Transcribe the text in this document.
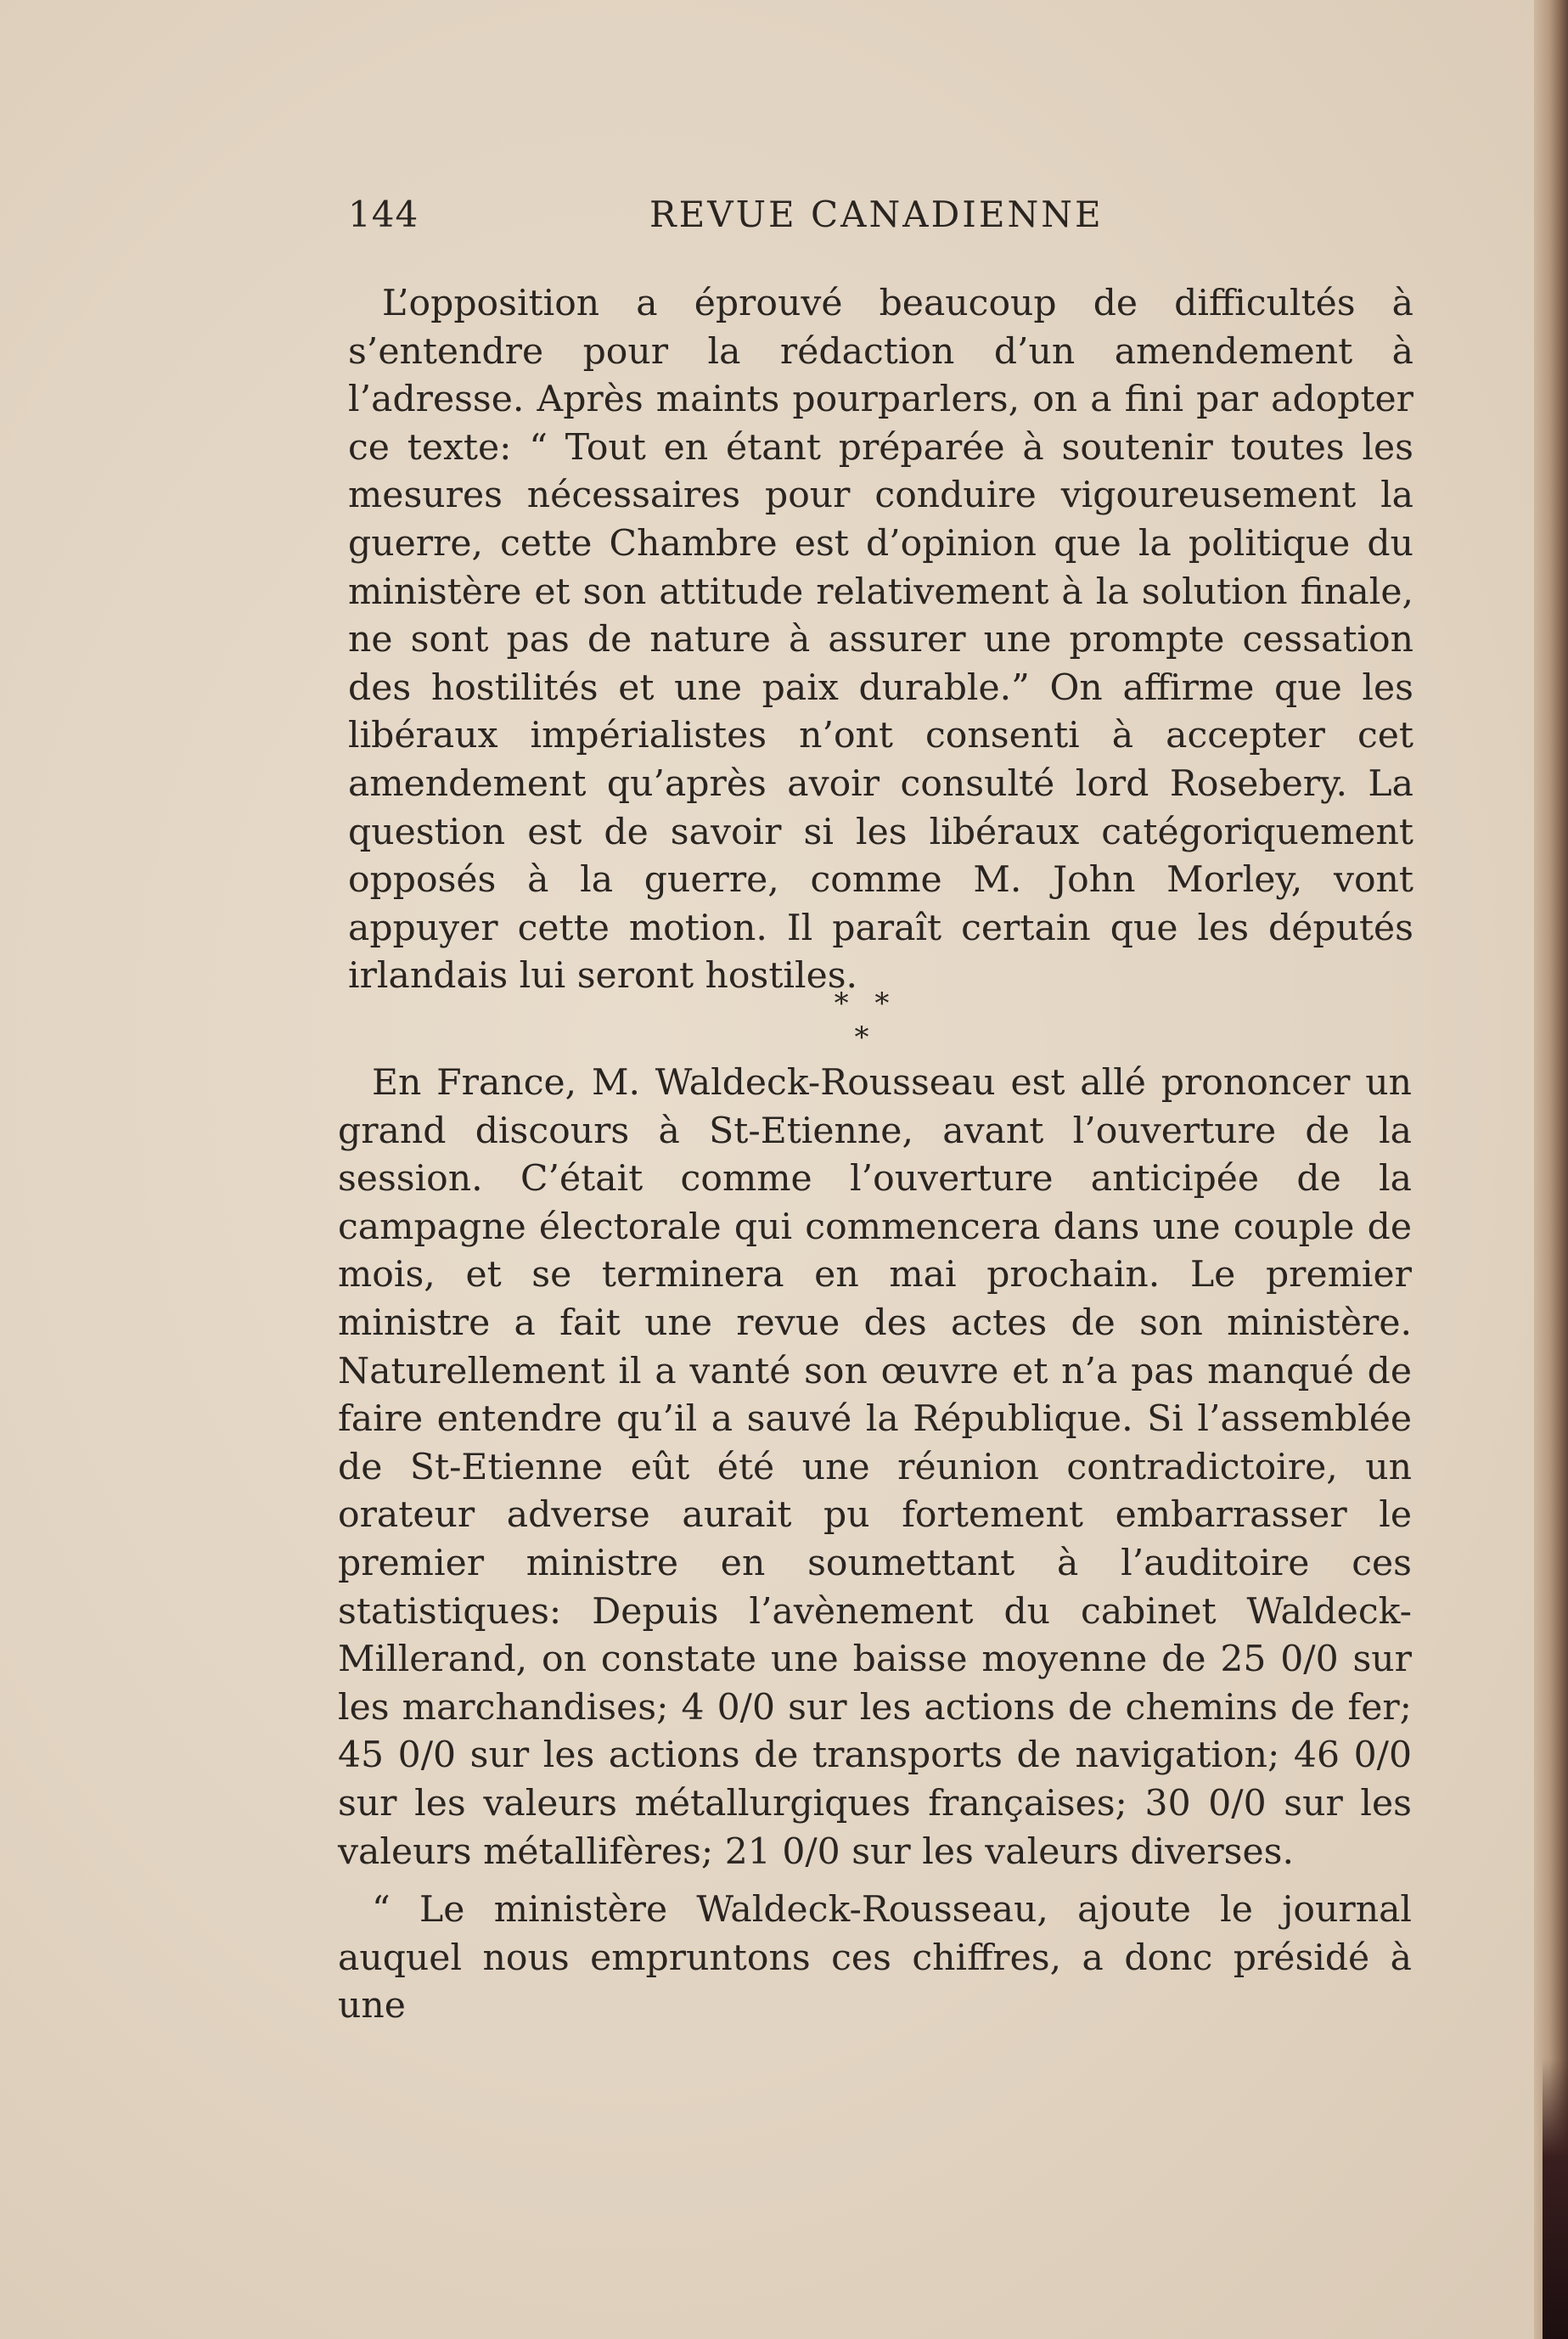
144	REVUE CANADIENNE

L’opposition a éprouvé beaucoup de difficultés à s’entendre pour la rédaction d’un amendement à l’adresse. Après maints pourparlers, on a fini par adopter ce texte: “ Tout en étant préparée à soutenir toutes les mesures nécessaires pour conduire vigoureusement la guerre, cette Chambre est d’opinion que la politique du ministère et son attitude relativement à la solution finale, ne sont pas de nature à assurer une prompte cessation des hostilités et une paix durable.” On affirme que les libéraux impérialistes n’ont consenti à accepter cet amendement qu’après avoir consulté lord Rosebery. La question est de savoir si les libéraux catégoriquement opposés à la guerre, comme M. John Morley, vont appuyer cette motion. Il paraît certain que les députés irlandais lui seront hostiles.

* * *

En France, M. Waldeck-Rousseau est allé prononcer un grand discours à St-Etienne, avant l’ouverture de la session. C’était comme l’ouverture anticipée de la campagne électorale qui commencera dans une couple de mois, et se terminera en mai prochain. Le premier ministre a fait une revue des actes de son ministère. Naturellement il a vanté son œuvre et n’a pas manqué de faire entendre qu’il a sauvé la République. Si l’assemblée de St-Etienne eût été une réunion contradictoire, un orateur adverse aurait pu fortement embarrasser le premier ministre en soumettant à l’auditoire ces statistiques: Depuis l’avènement du cabinet Waldeck-Millerand, on constate une baisse moyenne de 25 0/0 sur les marchandises; 4 0/0 sur les actions de chemins de fer; 45 0/0 sur les actions de transports de navigation; 46 0/0 sur les valeurs métallurgiques françaises; 30 0/0 sur les valeurs métallifères; 21 0/0 sur les valeurs diverses.

“ Le ministère Waldeck-Rousseau, ajoute le journal auquel nous empruntons ces chiffres, a donc présidé à une
